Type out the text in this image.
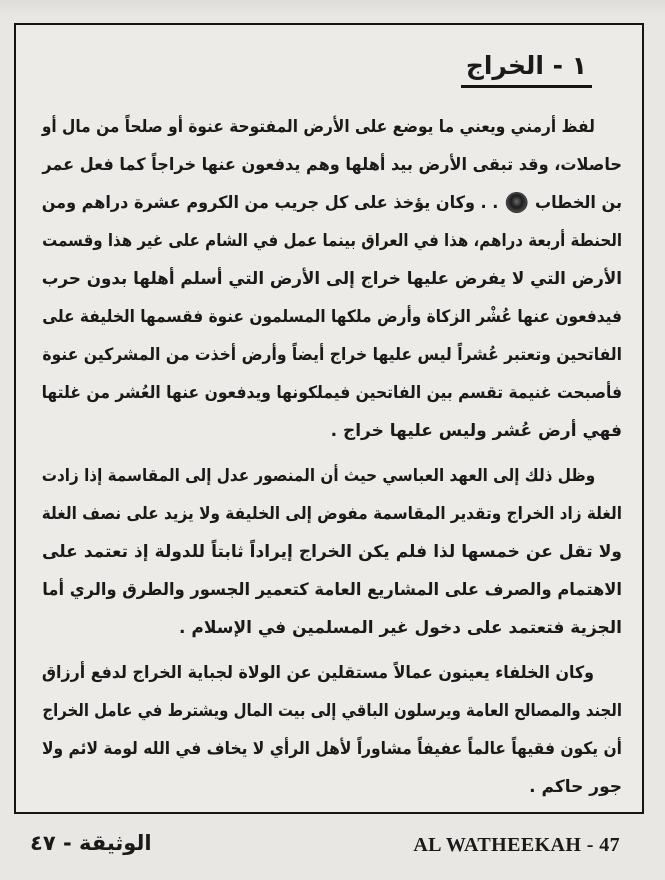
١ - الخراج
لفظ أرمني ويعني ما يوضع على الأرض المفتوحة عنوة أو صلحاً من مال أو
حاصلات، وقد تبقى الأرض بيد أهلها وهم يدفعون عنها خراجاً كما فعل عمر
بن الخطاب  . . وكان يؤخذ على كل جريب من الكروم عشرة دراهم ومن
الحنطة أربعة دراهم، هذا في العراق بينما عمل في الشام على غير هذا وقسمت
الأرض التي لا يفرض عليها خراج إلى الأرض التي أسلم أهلها بدون حرب
فيدفعون عنها عُشْر الزكاة وأرض ملكها المسلمون عنوة فقسمها الخليفة على
الفاتحين وتعتبر عُشراً ليس عليها خراج أيضاً وأرض أخذت من المشركين عنوة
فأصبحت غنيمة تقسم بين الفاتحين فيملكونها ويدفعون عنها العُشر من غلتها
فهي أرض عُشر وليس عليها خراج .
وظل ذلك إلى العهد العباسي حيث أن المنصور عدل إلى المقاسمة إذا زادت
الغلة زاد الخراج وتقدير المقاسمة مفوض إلى الخليفة ولا يزيد على نصف الغلة
ولا تقل عن خمسها لذا فلم يكن الخراج إيراداً ثابتاً للدولة إذ تعتمد على
الاهتمام والصرف على المشاريع العامة كتعمير الجسور والطرق والري أما
الجزية فتعتمد على دخول غير المسلمين في الإسلام .
وكان الخلفاء يعينون عمالاً مستقلين عن الولاة لجباية الخراج لدفع أرزاق
الجند والمصالح العامة ويرسلون الباقي إلى بيت المال ويشترط في عامل الخراج
أن يكون فقيهاً عالماً عفيفاً مشاوراً لأهل الرأي لا يخاف في الله لومة لائم ولا
جور حاكم .
الوثيقة - ٤٧	AL WATHEEKAH - 47
